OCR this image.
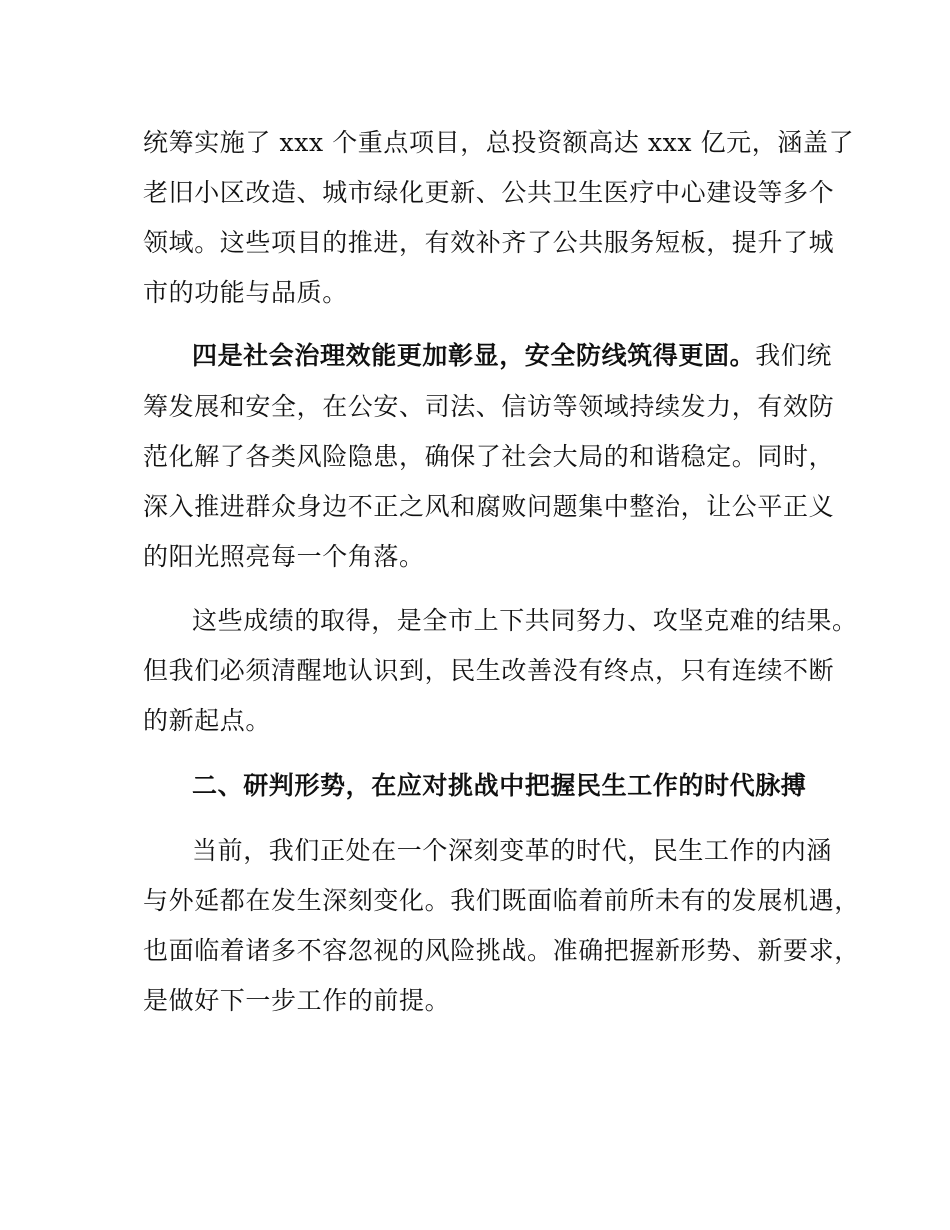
统筹实施了 xxx 个重点项目，总投资额高达 xxx 亿元，涵盖了
老旧小区改造、城市绿化更新、公共卫生医疗中心建设等多个
领域。这些项目的推进，有效补齐了公共服务短板，提升了城
市的功能与品质。
四是社会治理效能更加彰显，安全防线筑得更固。我们统
筹发展和安全，在公安、司法、信访等领域持续发力，有效防
范化解了各类风险隐患，确保了社会大局的和谐稳定。同时，
深入推进群众身边不正之风和腐败问题集中整治，让公平正义
的阳光照亮每一个角落。
这些成绩的取得，是全市上下共同努力、攻坚克难的结果。
但我们必须清醒地认识到，民生改善没有终点，只有连续不断
的新起点。
二、研判形势，在应对挑战中把握民生工作的时代脉搏
当前，我们正处在一个深刻变革的时代，民生工作的内涵
与外延都在发生深刻变化。我们既面临着前所未有的发展机遇，
也面临着诸多不容忽视的风险挑战。准确把握新形势、新要求，
是做好下一步工作的前提。
